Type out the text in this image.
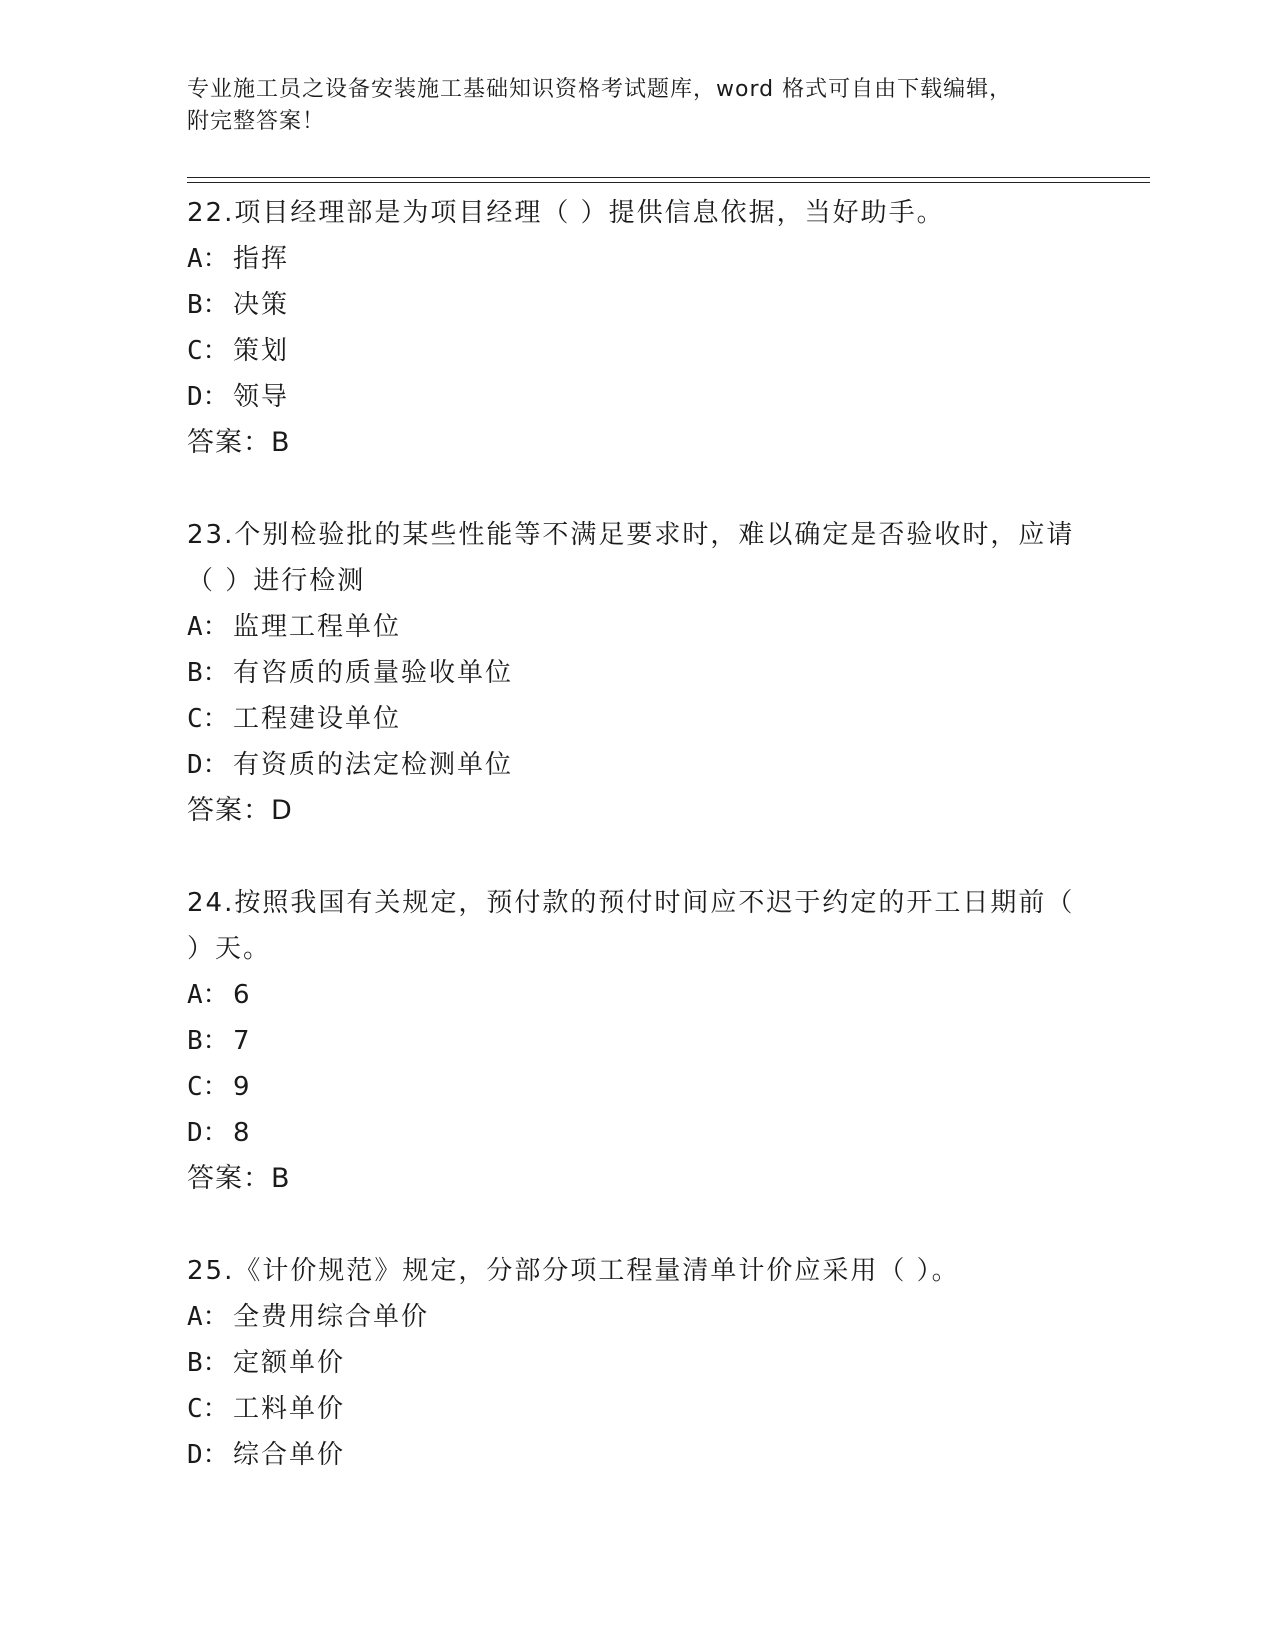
专业施工员之设备安装施工基础知识资格考试题库，word 格式可自由下载编辑，
附完整答案！

22.项目经理部是为项目经理（ ）提供信息依据，当好助手。

A： 指挥

B： 决策

C： 策划

D： 领导

答案：B

23.个别检验批的某些性能等不满足要求时，难以确定是否验收时，应请（ ）进行检测

A： 监理工程单位

B： 有咨质的质量验收单位

C： 工程建设单位

D： 有资质的法定检测单位

答案：D

24.按照我国有关规定，预付款的预付时间应不迟于约定的开工日期前（ ）天。

A： 6

B： 7

C： 9

D： 8

答案：B

25.《计价规范》规定，分部分项工程量清单计价应采用（ ）。

A： 全费用综合单价

B： 定额单价

C： 工料单价

D： 综合单价
